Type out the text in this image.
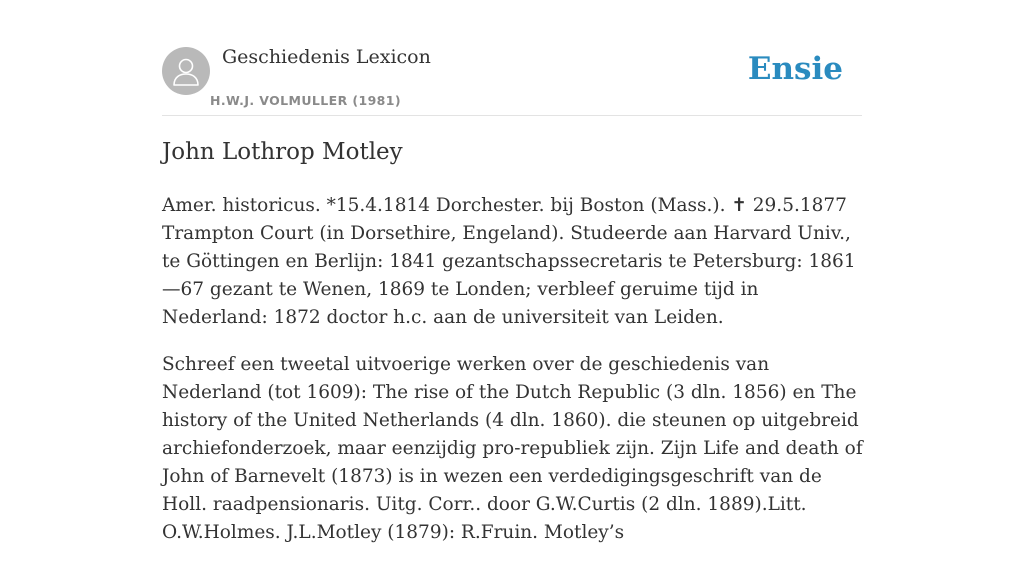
Geschiedenis Lexicon
H.W.J. VOLMULLER (1981)
Ensie
John Lothrop Motley

Amer. historicus. *15.4.1814 Dorchester. bij Boston (Mass.). ✝ 29.5.1877 Trampton Court (in Dorsethire, Engeland). Studeerde aan Harvard Univ., te Göttingen en Berlijn: 1841 gezantschapssecretaris te Petersburg: 1861—67 gezant te Wenen, 1869 te Londen; verbleef geruime tijd in Nederland: 1872 doctor h.c. aan de universiteit van Leiden.

Schreef een tweetal uitvoerige werken over de geschiedenis van Nederland (tot 1609): The rise of the Dutch Republic (3 dln. 1856) en The history of the United Netherlands (4 dln. 1860). die steunen op uitgebreid archiefonderzoek, maar eenzijdig pro-republiek zijn. Zijn Life and death of John of Barnevelt (1873) is in wezen een verdedigingsgeschrift van de Holl. raadpensionaris. Uitg. Corr.. door G.W.Curtis (2 dln. 1889).Litt. O.W.Holmes. J.L.Motley (1879): R.Fruin. Motley’s
